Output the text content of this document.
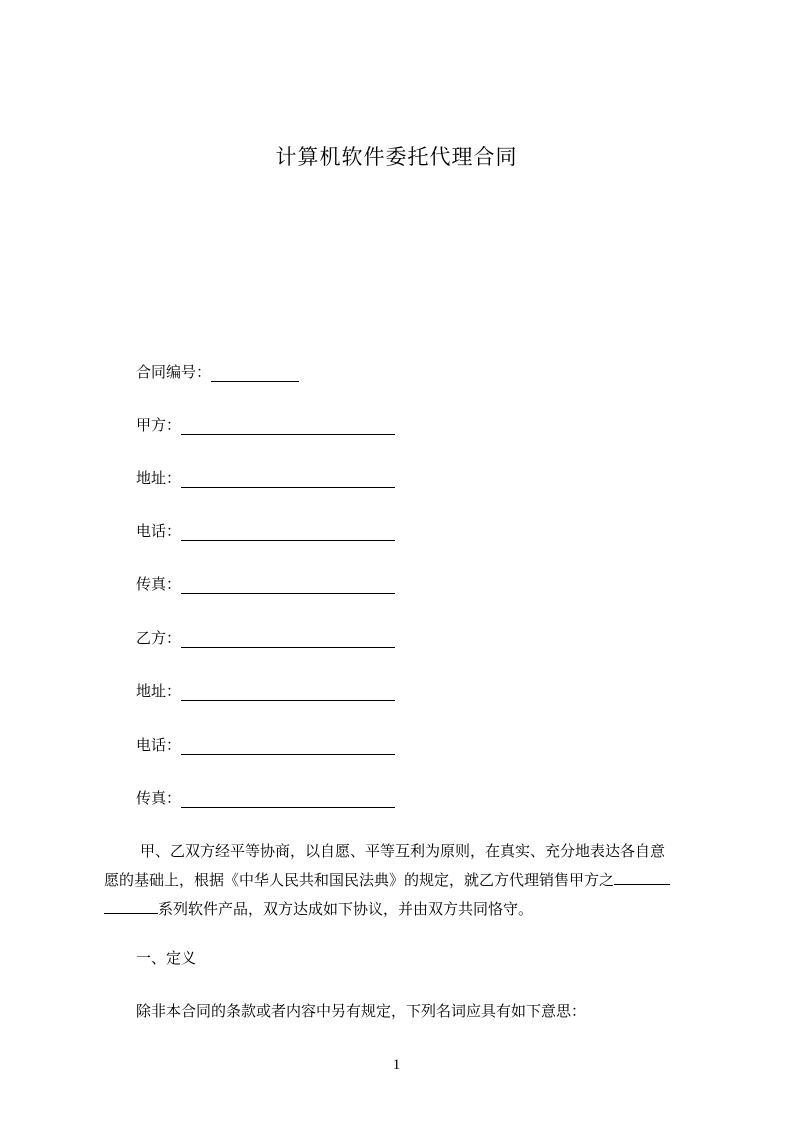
计算机软件委托代理合同
合同编号：
甲方：
地址：
电话：
传真：
乙方：
地址：
电话：
传真：
甲、乙双方经平等协商，以自愿、平等互利为原则，在真实、充分地表达各自意
愿的基础上，根据《中华人民共和国民法典》的规定，就乙方代理销售甲方之
系列软件产品，双方达成如下协议，并由双方共同恪守。
一、定义
除非本合同的条款或者内容中另有规定，下列名词应具有如下意思：
1
